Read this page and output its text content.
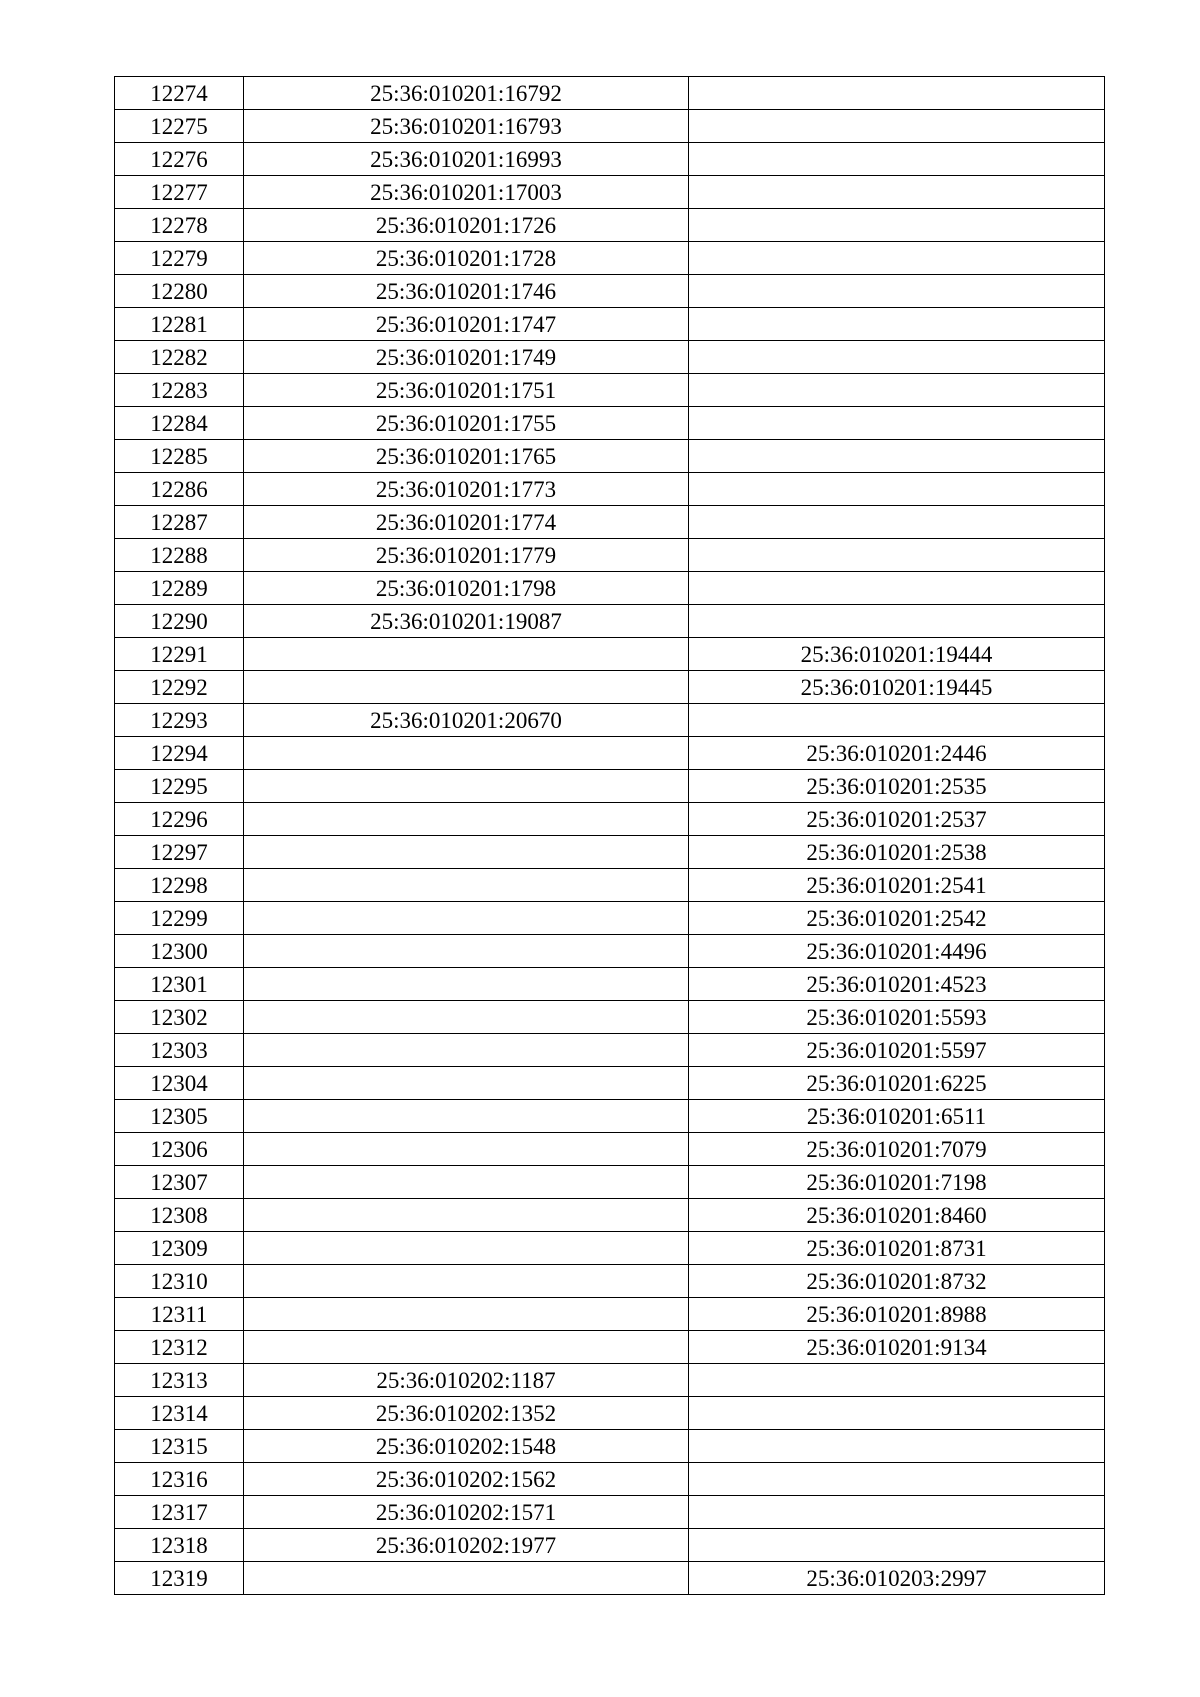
12274	25:36:010201:16792	
12275	25:36:010201:16793	
12276	25:36:010201:16993	
12277	25:36:010201:17003	
12278	25:36:010201:1726	
12279	25:36:010201:1728	
12280	25:36:010201:1746	
12281	25:36:010201:1747	
12282	25:36:010201:1749	
12283	25:36:010201:1751	
12284	25:36:010201:1755	
12285	25:36:010201:1765	
12286	25:36:010201:1773	
12287	25:36:010201:1774	
12288	25:36:010201:1779	
12289	25:36:010201:1798	
12290	25:36:010201:19087	
12291		25:36:010201:19444
12292		25:36:010201:19445
12293	25:36:010201:20670	
12294		25:36:010201:2446
12295		25:36:010201:2535
12296		25:36:010201:2537
12297		25:36:010201:2538
12298		25:36:010201:2541
12299		25:36:010201:2542
12300		25:36:010201:4496
12301		25:36:010201:4523
12302		25:36:010201:5593
12303		25:36:010201:5597
12304		25:36:010201:6225
12305		25:36:010201:6511
12306		25:36:010201:7079
12307		25:36:010201:7198
12308		25:36:010201:8460
12309		25:36:010201:8731
12310		25:36:010201:8732
12311		25:36:010201:8988
12312		25:36:010201:9134
12313	25:36:010202:1187	
12314	25:36:010202:1352	
12315	25:36:010202:1548	
12316	25:36:010202:1562	
12317	25:36:010202:1571	
12318	25:36:010202:1977	
12319		25:36:010203:2997
